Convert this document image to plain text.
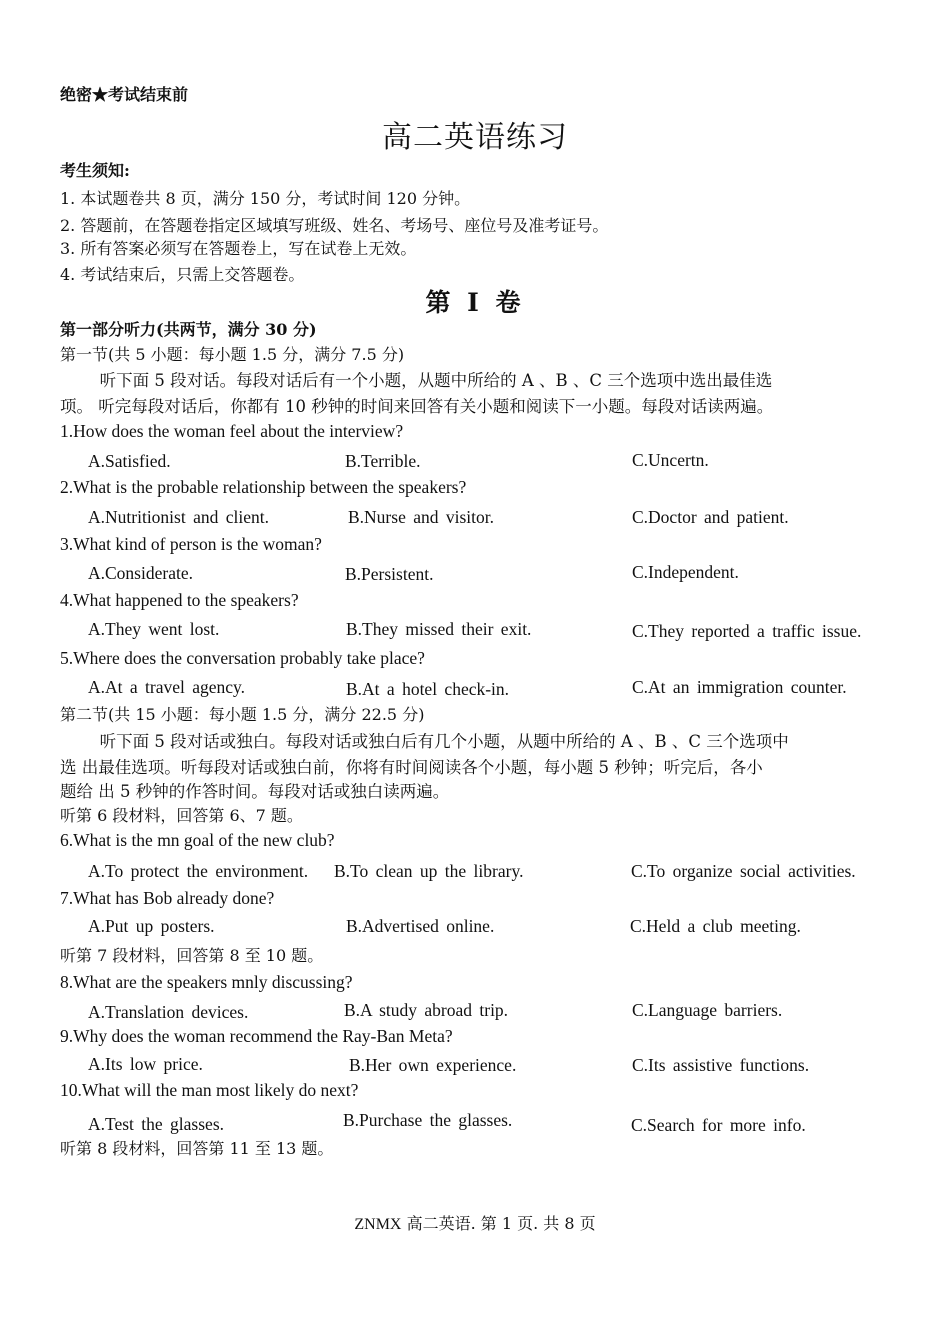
绝密★考试结束前
高二英语练习
考生须知:
1. 本试题卷共 8 页，满分 150 分，考试时间 120 分钟。
2. 答题前，在答题卷指定区域填写班级、姓名、考场号、座位号及准考证号。
3. 所有答案必须写在答题卷上，写在试卷上无效。
4. 考试结束后，只需上交答题卷。
第 I 卷
第一部分听力(共两节，满分 30 分)
第一节(共 5 小题：每小题 1.5 分，满分 7.5 分)

听下面 5 段对话。每段对话后有一个小题，从题中所给的 A 、B 、C 三个选项中选出最佳选

项。 听完每段对话后，你都有 10 秒钟的时间来回答有关小题和阅读下一小题。每段对话读两遍。

1.How does the woman feel about the interview?
A.Satisfied.	B.Terrible.	C.Uncertn.
2.What is the probable relationship between the speakers?
A.Nutritionist and client.	B.Nurse and visitor.	C.Doctor and patient.
3.What kind of person is the woman?
A.Considerate.	B.Persistent.	C.Independent.
4.What happened to the speakers?
A.They went lost.	B.They missed their exit.	C.They reported a traffic issue.
5.Where does the conversation probably take place?
A.At a travel agency.	B.At a hotel check-in.	C.At an immigration counter.
第二节(共 15 小题：每小题 1.5 分，满分 22.5 分)

听下面 5 段对话或独白。每段对话或独白后有几个小题，从题中所给的 A 、B 、C 三个选项中

选 出最佳选项。听每段对话或独白前，你将有时间阅读各个小题，每小题 5 秒钟；听完后，各小

题给 出 5 秒钟的作答时间。每段对话或独白读两遍。

听第 6 段材料，回答第 6、7 题。
6.What is the mn goal of the new club?
A.To protect the environment. B.To clean up the library.	C.To organize social activities.
7.What has Bob already done?
A.Put up posters.	B.Advertised online.	C.Held a club meeting.
听第 7 段材料，回答第 8 至 10 题。
8.What are the speakers mnly discussing?
A.Translation devices.	B.A study abroad trip.	C.Language barriers.
9.Why does the woman recommend the Ray-Ban Meta?
A.Its low price.	B.Her own experience.	C.Its assistive functions.
10.What will the man most likely do next?
A.Test the glasses.	B.Purchase the glasses.	C.Search for more info.
听第 8 段材料，回答第 11 至 13 题。
ZNMX 高二英语. 第 1 页. 共 8 页
